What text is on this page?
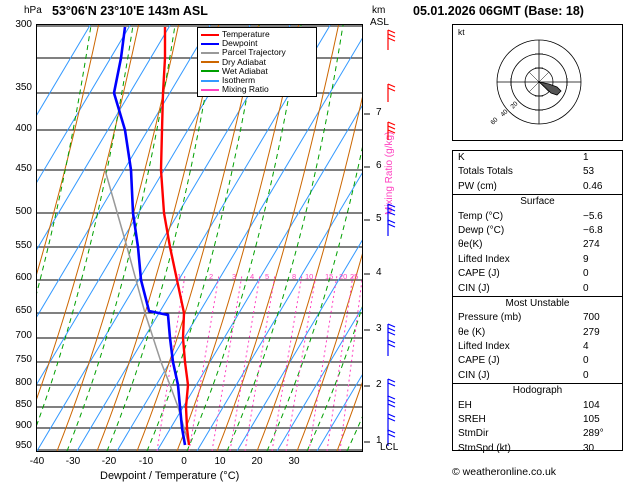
hPa 53°06'N 23°10'E 143m ASL	km
ASL
05.01.2026 06GMT (Base: 18)
1	2	3 4 5	8 10 15 20 25
Temperature
Dewpoint
Parcel Trajectory
Dry Adiabat
Wet Adiabat
Isotherm
Mixing Ratio
300
350
400
450
500
550
600
650
700
750
800
850
900
950
-40	-30	-20	-10	0	10	20	30
Dewpoint / Temperature (°C)
Mixing Ratio (g/kg)
1
2
3
4
5
6
7
LCL
20
40
60
kt
K	1
Totals Totals	53
PW (cm)	0.46
Surface
Temp (°C)	−5.6
Dewp (°C)	−6.8
θe(K)	274
Lifted Index	9
CAPE (J)	0
CIN (J)	0
Most Unstable
Pressure (mb)	700
θe (K)	279
Lifted Index	4
CAPE (J)	0
CIN (J)	0
Hodograph
EH	104
SREH	105
StmDir	289°
StmSpd (kt)	30
© weatheronline.co.uk
